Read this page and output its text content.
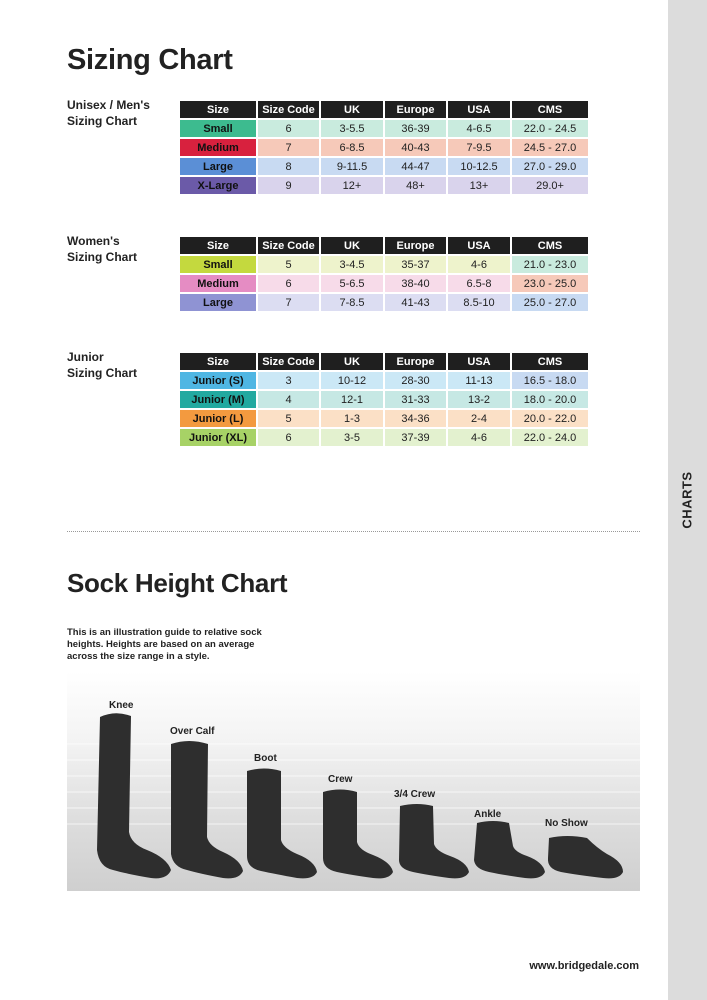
CHARTS
Sizing Chart
Unisex / Men's
Sizing Chart
Size	Size Code	UK	Europe	USA	CMS
Small	6	3-5.5	36-39	4-6.5	22.0 - 24.5
Medium	7	6-8.5	40-43	7-9.5	24.5 - 27.0
Large	8	9-11.5	44-47	10-12.5	27.0 - 29.0
X-Large	9	12+	48+	13+	29.0+
Women's
Sizing Chart
Size	Size Code	UK	Europe	USA	CMS
Small	5	3-4.5	35-37	4-6	21.0 - 23.0
Medium	6	5-6.5	38-40	6.5-8	23.0 - 25.0
Large	7	7-8.5	41-43	8.5-10	25.0 - 27.0
Junior
Sizing Chart
Size	Size Code	UK	Europe	USA	CMS
Junior (S)	3	10-12	28-30	11-13	16.5 - 18.0
Junior (M)	4	12-1	31-33	13-2	18.0 - 20.0
Junior (L)	5	1-3	34-36	2-4	20.0 - 22.0
Junior (XL)	6	3-5	37-39	4-6	22.0 - 24.0
Sock Height Chart
This is an illustration guide to relative sock heights. Heights are based on an average across the size range in a style.
Knee
Over Calf
Boot
Crew
3/4 Crew
Ankle
No Show
www.bridgedale.com
